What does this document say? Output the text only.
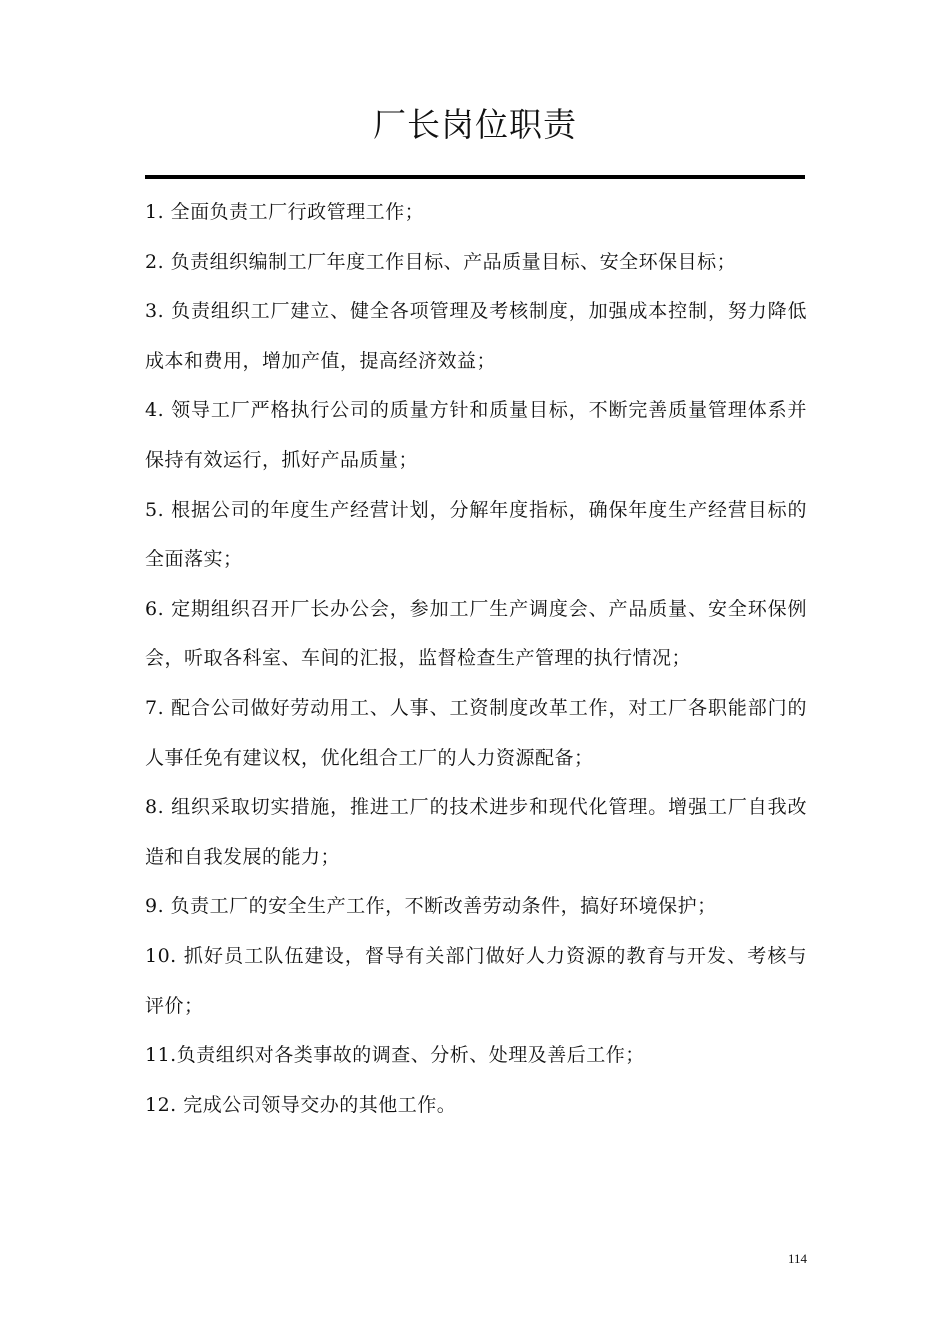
厂长岗位职责
1. 全面负责工厂行政管理工作；
2. 负责组织编制工厂年度工作目标、产品质量目标、安全环保目标；
3. 负责组织工厂建立、健全各项管理及考核制度，加强成本控制，努力降低成本和费用，增加产值，提高经济效益；
4. 领导工厂严格执行公司的质量方针和质量目标，不断完善质量管理体系并保持有效运行，抓好产品质量；
5. 根据公司的年度生产经营计划，分解年度指标，确保年度生产经营目标的全面落实；
6. 定期组织召开厂长办公会，参加工厂生产调度会、产品质量、安全环保例会，听取各科室、车间的汇报，监督检查生产管理的执行情况；
7. 配合公司做好劳动用工、人事、工资制度改革工作，对工厂各职能部门的人事任免有建议权，优化组合工厂的人力资源配备；
8. 组织采取切实措施，推进工厂的技术进步和现代化管理。增强工厂自我改造和自我发展的能力；
9. 负责工厂的安全生产工作，不断改善劳动条件，搞好环境保护；
10. 抓好员工队伍建设，督导有关部门做好人力资源的教育与开发、考核与评价；
11.负责组织对各类事故的调查、分析、处理及善后工作；
12. 完成公司领导交办的其他工作。
114
